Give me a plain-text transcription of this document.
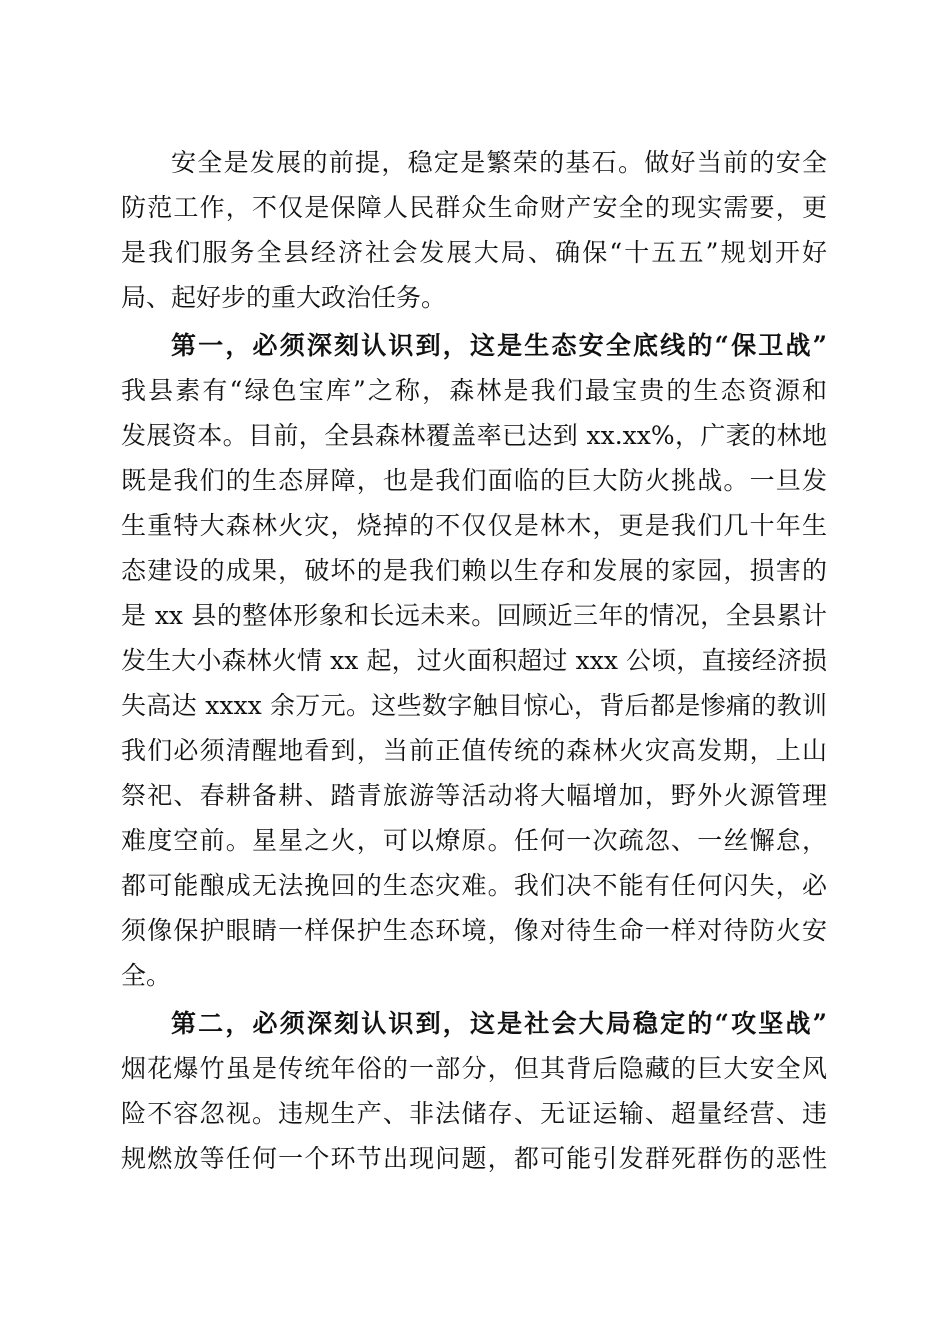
安全是发展的前提，稳定是繁荣的基石。做好当前的安全
防范工作，不仅是保障人民群众生命财产安全的现实需要，更
是我们服务全县经济社会发展大局、确保“十五五”规划开好
局、起好步的重大政治任务。
第一，必须深刻认识到，这是生态安全底线的“保卫战”
我县素有“绿色宝库”之称，森林是我们最宝贵的生态资源和
发展资本。目前，全县森林覆盖率已达到 xx.xx%，广袤的林地
既是我们的生态屏障，也是我们面临的巨大防火挑战。一旦发
生重特大森林火灾，烧掉的不仅仅是林木，更是我们几十年生
态建设的成果，破坏的是我们赖以生存和发展的家园，损害的
是 xx 县的整体形象和长远未来。回顾近三年的情况，全县累计
发生大小森林火情 xx 起，过火面积超过 xxx 公顷，直接经济损
失高达 xxxx 余万元。这些数字触目惊心，背后都是惨痛的教训
我们必须清醒地看到，当前正值传统的森林火灾高发期，上山
祭祀、春耕备耕、踏青旅游等活动将大幅增加，野外火源管理
难度空前。星星之火，可以燎原。任何一次疏忽、一丝懈怠，
都可能酿成无法挽回的生态灾难。我们决不能有任何闪失，必
须像保护眼睛一样保护生态环境，像对待生命一样对待防火安
全。
第二，必须深刻认识到，这是社会大局稳定的“攻坚战”
烟花爆竹虽是传统年俗的一部分，但其背后隐藏的巨大安全风
险不容忽视。违规生产、非法储存、无证运输、超量经营、违
规燃放等任何一个环节出现问题，都可能引发群死群伤的恶性
